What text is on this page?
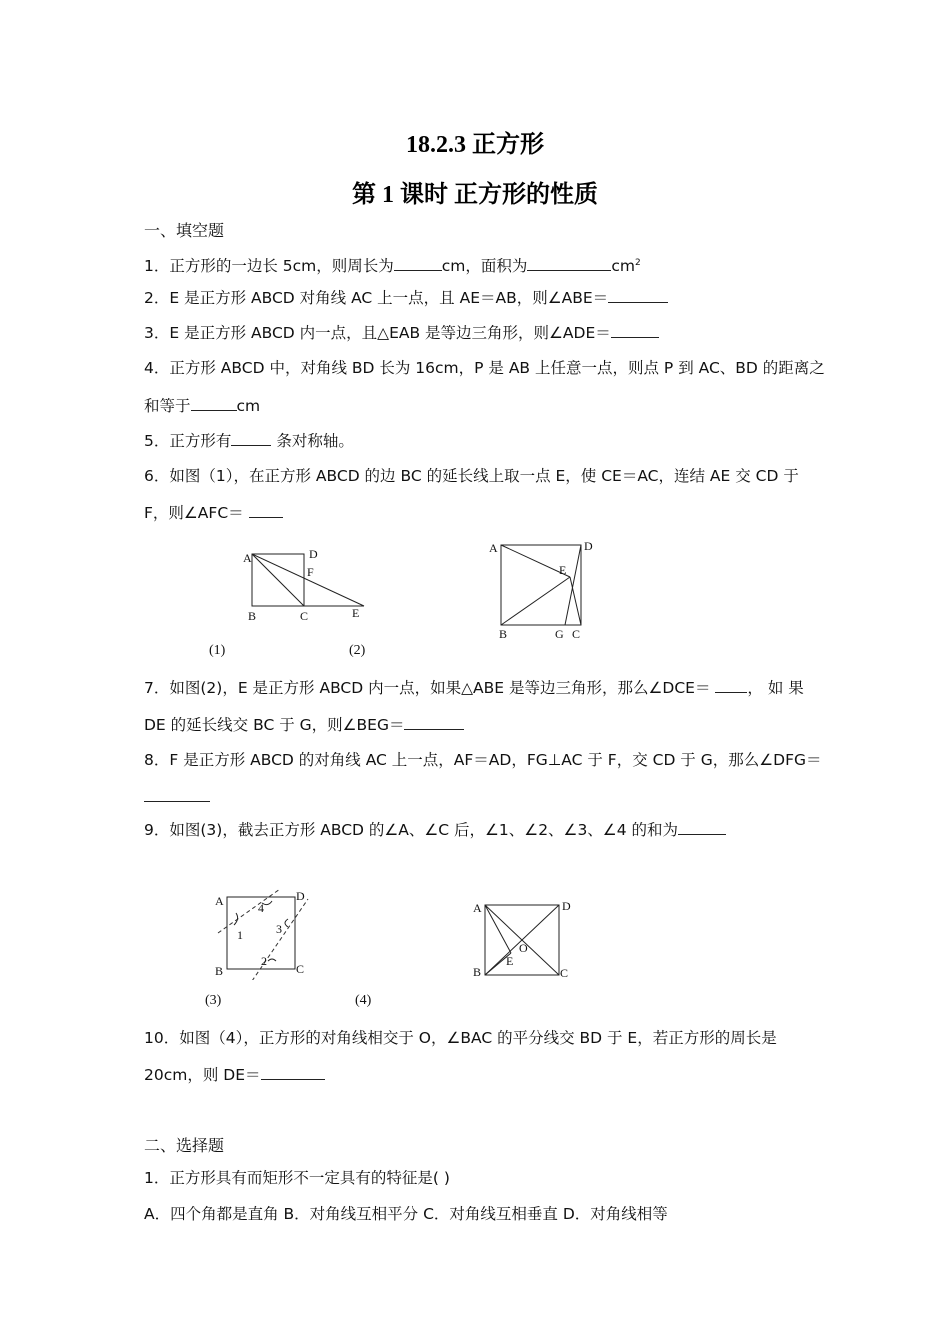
18.2.3 正方形
第 1 课时 正方形的性质
一、填空题
1．正方形的一边长 5cm，则周长为	cm，面积为	$cm^2$
2．E 是正方形 ABCD 对角线 AC 上一点，且 AE＝AB，则∠ABE＝
3．E 是正方形 ABCD 内一点，且△EAB 是等边三角形，则∠ADE＝
4．正方形 ABCD 中，对角线 BD 长为 16cm，P 是 AB 上任意一点，则点 P 到 AC、BD 的距离之
和等于	cm
5．正方形有	条对称轴。
6．如图（1），在正方形 ABCD 的边 BC 的延长线上取一点 E，使 CE＝AC，连结 AE 交 CD 于
F，则∠AFC＝
A	D
F
B	C	E
A	D
E
B	G C
(1)	(2)
7．如图(2)，E 是正方形 ABCD 内一点，如果△ABE 是等边三角形，那么∠DCE＝ ， 如 果
DE 的延长线交 BC 于 G，则∠BEG＝
8．F 是正方形 ABCD 的对角线 AC 上一点，AF＝AD，FG⊥AC 于 F，交 CD 于 G，那么∠DFG＝
9．如图(3)，截去正方形 ABCD 的∠A、∠C 后，∠1、∠2、∠3、∠4 的和为
A	D
B	C
1
2
3
4	A	D
O
E
B	C
(3)	(4)
10．如图（4），正方形的对角线相交于 O，∠BAC 的平分线交 BD 于 E，若正方形的周长是
20cm，则 DE＝
二、选择题
1．正方形具有而矩形不一定具有的特征是( )
A．四个角都是直角 B．对角线互相平分 C．对角线互相垂直 D．对角线相等
